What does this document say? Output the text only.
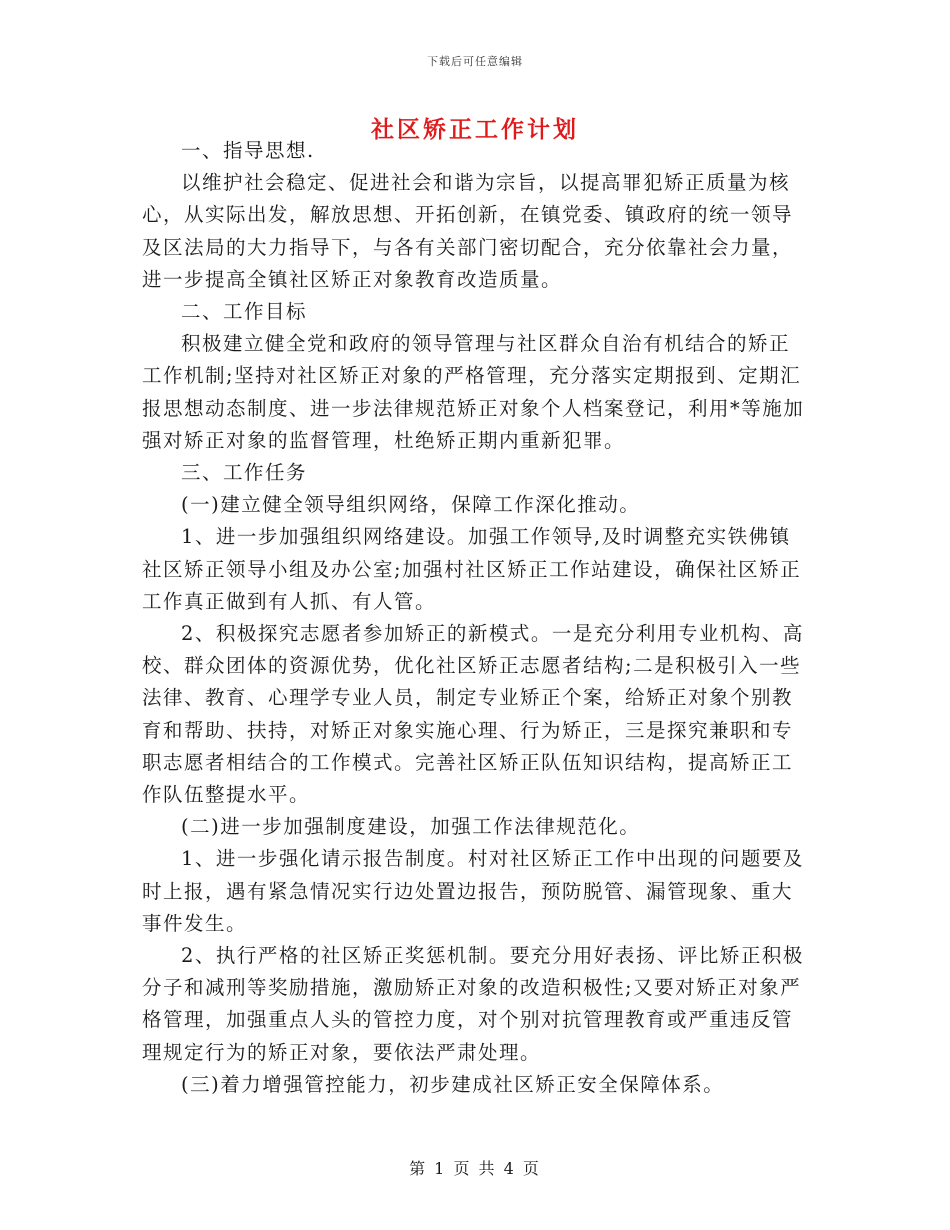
下载后可任意编辑
社区矫正工作计划

一、指导思想.

以维护社会稳定、促进社会和谐为宗旨，以提高罪犯矫正质量为核心，从实际出发，解放思想、开拓创新，在镇党委、镇政府的统一领导及区法局的大力指导下，与各有关部门密切配合，充分依靠社会力量，进一步提高全镇社区矫正对象教育改造质量。

二、工作目标

积极建立健全党和政府的领导管理与社区群众自治有机结合的矫正工作机制;坚持对社区矫正对象的严格管理，充分落实定期报到、定期汇报思想动态制度、进一步法律规范矫正对象个人档案登记，利用*等施加强对矫正对象的监督管理，杜绝矫正期内重新犯罪。

三、工作任务

(一)建立健全领导组织网络，保障工作深化推动。

1、进一步加强组织网络建设。加强工作领导,及时调整充实铁佛镇社区矫正领导小组及办公室;加强村社区矫正工作站建设，确保社区矫正工作真正做到有人抓、有人管。

2、积极探究志愿者参加矫正的新模式。一是充分利用专业机构、高校、群众团体的资源优势，优化社区矫正志愿者结构;二是积极引入一些法律、教育、心理学专业人员，制定专业矫正个案，给矫正对象个别教育和帮助、扶持，对矫正对象实施心理、行为矫正，三是探究兼职和专职志愿者相结合的工作模式。完善社区矫正队伍知识结构，提高矫正工作队伍整提水平。

(二)进一步加强制度建设，加强工作法律规范化。

1、进一步强化请示报告制度。村对社区矫正工作中出现的问题要及时上报，遇有紧急情况实行边处置边报告，预防脱管、漏管现象、重大事件发生。

2、执行严格的社区矫正奖惩机制。要充分用好表扬、评比矫正积极分子和减刑等奖励措施，激励矫正对象的改造积极性;又要对矫正对象严格管理，加强重点人头的管控力度，对个别对抗管理教育或严重违反管理规定行为的矫正对象，要依法严肃处理。

(三)着力增强管控能力，初步建成社区矫正安全保障体系。

第 1 页 共 4 页
